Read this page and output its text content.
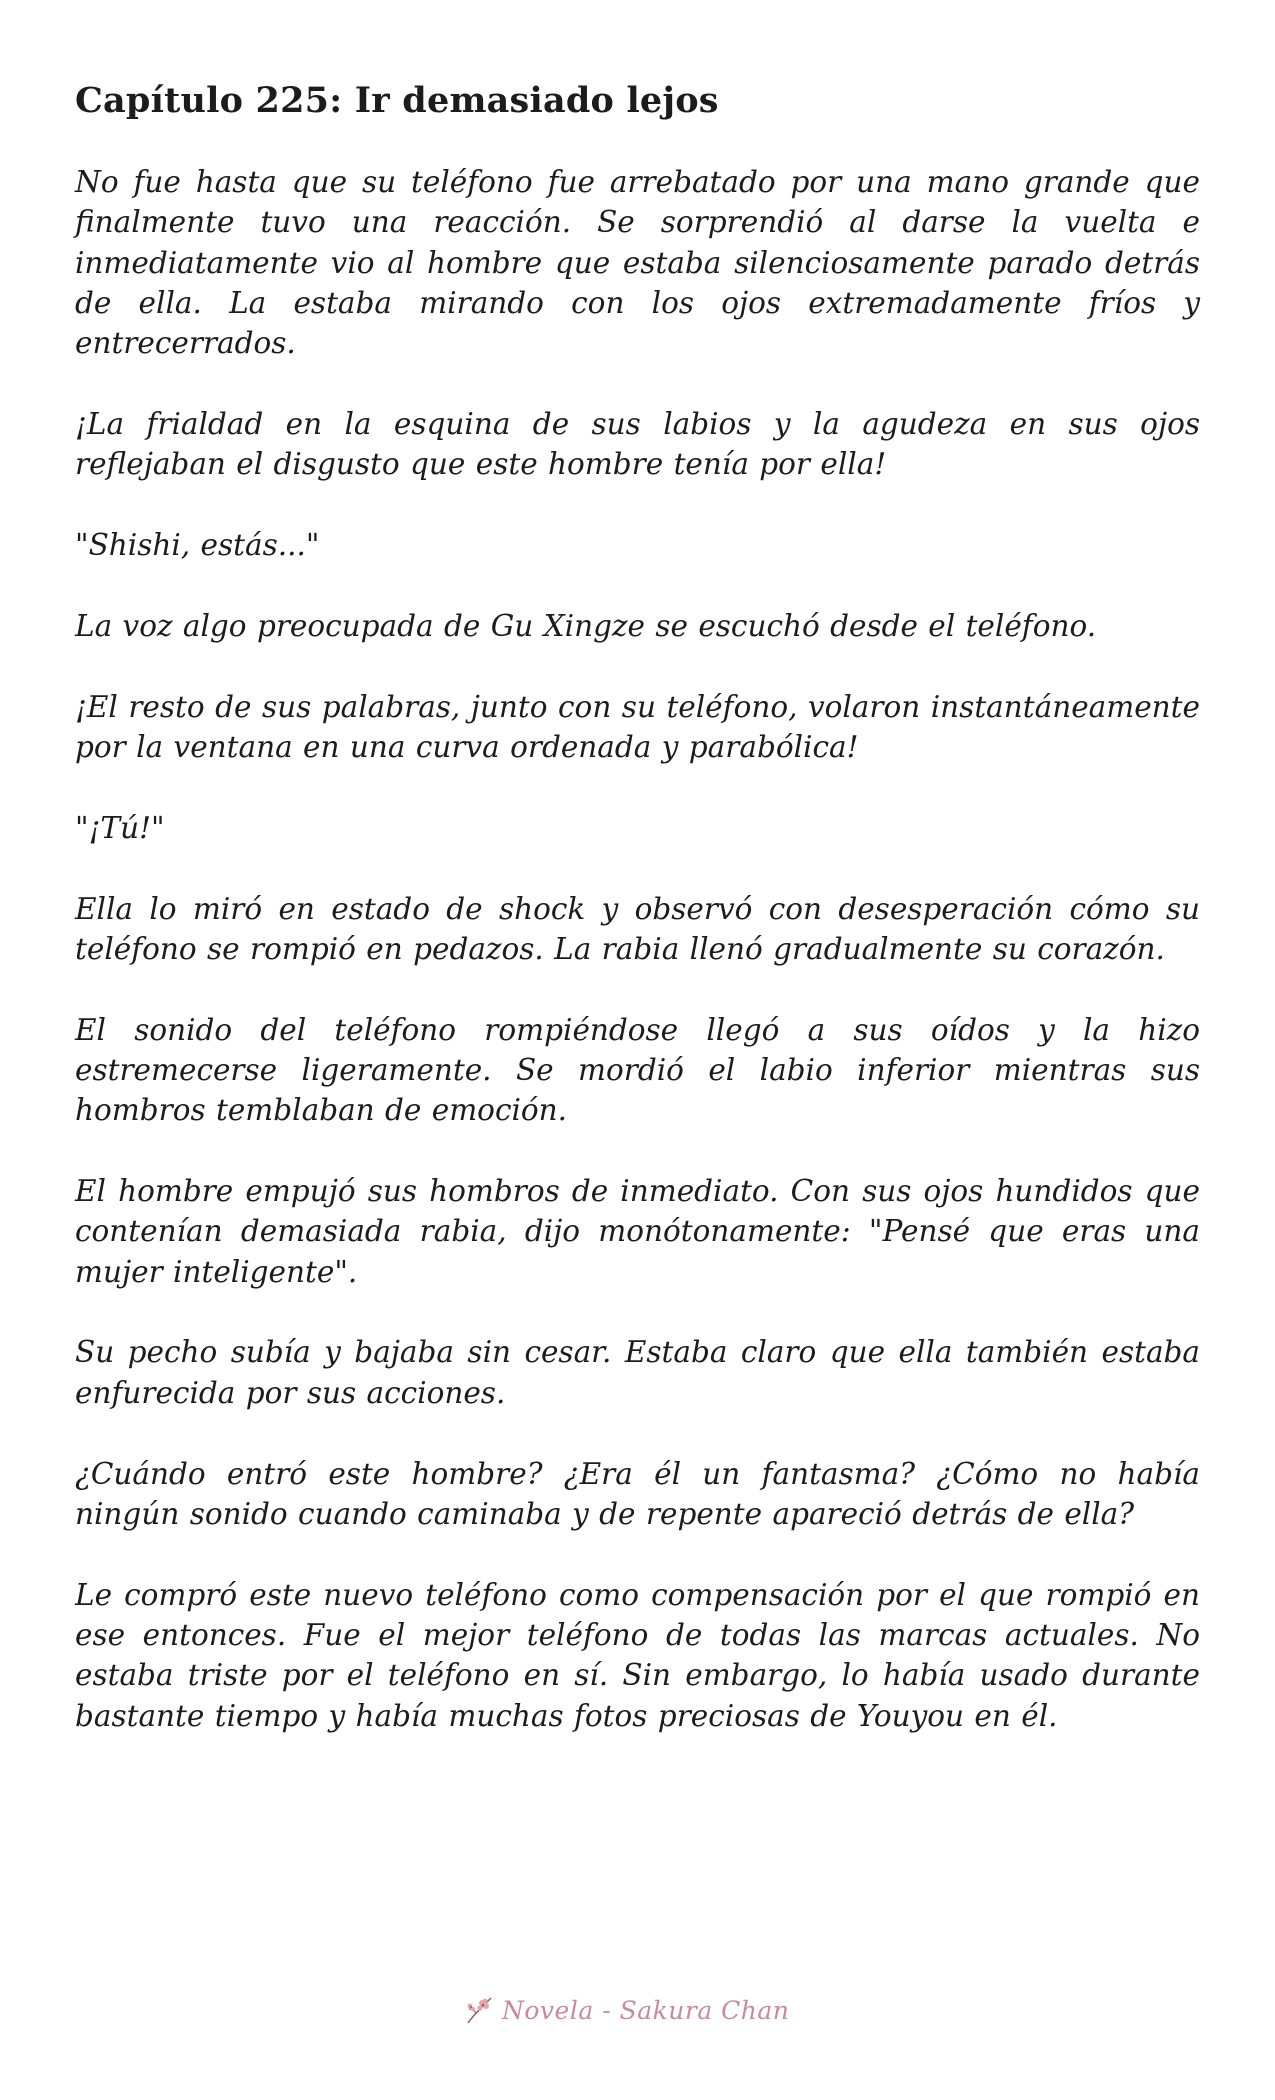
Capítulo 225: Ir demasiado lejos

No fue hasta que su teléfono fue arrebatado por una mano grande que finalmente tuvo una reacción. Se sorprendió al darse la vuelta e inmediatamente vio al hombre que estaba silenciosamente parado detrás de ella. La estaba mirando con los ojos extremadamente fríos y entrecerrados.

¡La frialdad en la esquina de sus labios y la agudeza en sus ojos reflejaban el disgusto que este hombre tenía por ella!

"Shishi, estás..."

La voz algo preocupada de Gu Xingze se escuchó desde el teléfono.

¡El resto de sus palabras, junto con su teléfono, volaron instantáneamente por la ventana en una curva ordenada y parabólica!

"¡Tú!"

Ella lo miró en estado de shock y observó con desesperación cómo su teléfono se rompió en pedazos. La rabia llenó gradualmente su corazón.

El sonido del teléfono rompiéndose llegó a sus oídos y la hizo estremecerse ligeramente. Se mordió el labio inferior mientras sus hombros temblaban de emoción.

El hombre empujó sus hombros de inmediato. Con sus ojos hundidos que contenían demasiada rabia, dijo monótonamente: "Pensé que eras una mujer inteligente".

Su pecho subía y bajaba sin cesar. Estaba claro que ella también estaba enfurecida por sus acciones.

¿Cuándo entró este hombre? ¿Era él un fantasma? ¿Cómo no había ningún sonido cuando caminaba y de repente apareció detrás de ella?

Le compró este nuevo teléfono como compensación por el que rompió en ese entonces. Fue el mejor teléfono de todas las marcas actuales. No estaba triste por el teléfono en sí. Sin embargo, lo había usado durante bastante tiempo y había muchas fotos preciosas de Youyou en él.

Novela - Sakura Chan
